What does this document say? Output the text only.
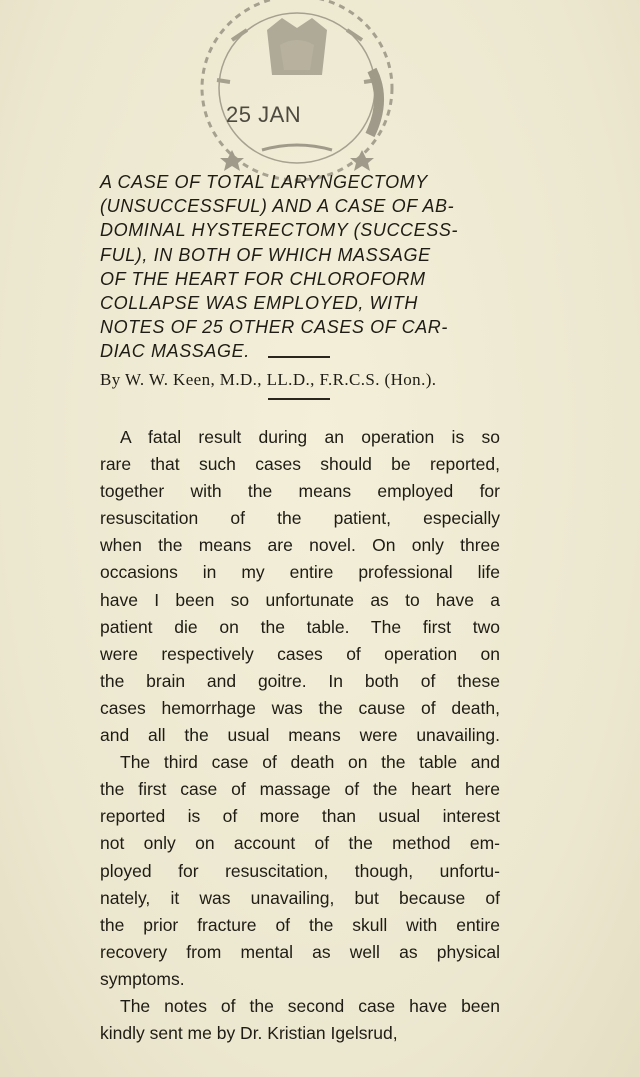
25 JAN
A CASE OF TOTAL LARYNGECTOMY
(UNSUCCESSFUL) AND A CASE OF AB-
DOMINAL HYSTERECTOMY (SUCCESS-
FUL), IN BOTH OF WHICH MASSAGE
OF THE HEART FOR CHLOROFORM
COLLAPSE WAS EMPLOYED, WITH
NOTES OF 25 OTHER CASES OF CAR-
DIAC MASSAGE.
By W. W. Keen, M.D., LL.D., F.R.C.S. (Hon.).
A fatal result during an operation is so
rare that such cases should be reported,
together with the means employed for
resuscitation of the patient, especially
when the means are novel. On only three
occasions in my entire professional life
have I been so unfortunate as to have a
patient die on the table. The first two
were respectively cases of operation on
the brain and goitre. In both of these
cases hemorrhage was the cause of death,
and all the usual means were unavailing.
The third case of death on the table and
the first case of massage of the heart here
reported is of more than usual interest
not only on account of the method em-
ployed for resuscitation, though, unfortu-
nately, it was unavailing, but because of
the prior fracture of the skull with entire
recovery from mental as well as physical
symptoms.
The notes of the second case have been
kindly sent me by Dr. Kristian Igelsrud,
